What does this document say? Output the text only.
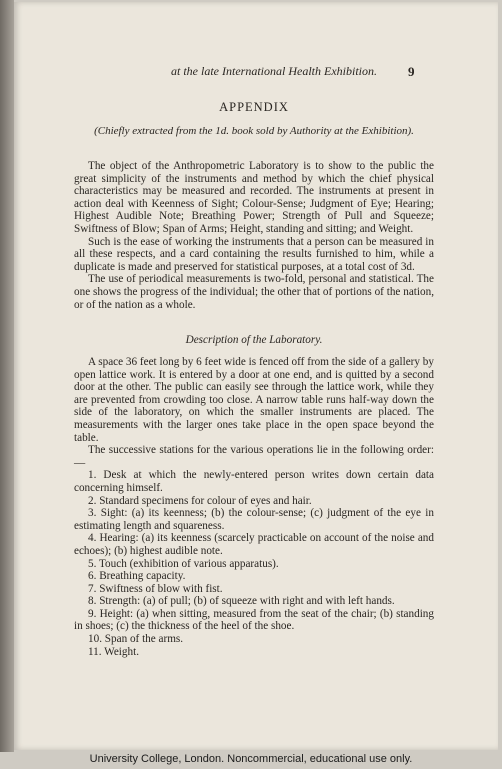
at the late International Health Exhibition.	9
APPENDIX
(Chiefly extracted from the 1d. book sold by Authority at the Exhibition).

The object of the Anthropometric Laboratory is to show to the public the great simplicity of the instruments and method by which the chief physical characteristics may be measured and recorded. The instruments at present in action deal with Keenness of Sight; Colour-Sense; Judgment of Eye; Hearing; Highest Audible Note; Breathing Power; Strength of Pull and Squeeze; Swiftness of Blow; Span of Arms; Height, standing and sitting; and Weight.

Such is the ease of working the instruments that a person can be measured in all these respects, and a card containing the results furnished to him, while a duplicate is made and preserved for statistical purposes, at a total cost of 3d.

The use of periodical measurements is two-fold, personal and statistical. The one shows the progress of the individual; the other that of portions of the nation, or of the nation as a whole.

Description of the Laboratory.

A space 36 feet long by 6 feet wide is fenced off from the side of a gallery by open lattice work. It is entered by a door at one end, and is quitted by a second door at the other. The public can easily see through the lattice work, while they are prevented from crowding too close. A narrow table runs half-way down the side of the laboratory, on which the smaller instruments are placed. The measurements with the larger ones take place in the open space beyond the table.

The successive stations for the various operations lie in the following order:—

1. Desk at which the newly-entered person writes down certain data concerning himself.
2. Standard specimens for colour of eyes and hair.
3. Sight: (a) its keenness; (b) the colour-sense; (c) judgment of the eye in estimating length and squareness.
4. Hearing: (a) its keenness (scarcely practicable on account of the noise and echoes); (b) highest audible note.
5. Touch (exhibition of various apparatus).
6. Breathing capacity.
7. Swiftness of blow with fist.
8. Strength: (a) of pull; (b) of squeeze with right and with left hands.
9. Height: (a) when sitting, measured from the seat of the chair; (b) standing in shoes; (c) the thickness of the heel of the shoe.
10. Span of the arms.
11. Weight.
University College, London. Noncommercial, educational use only.
